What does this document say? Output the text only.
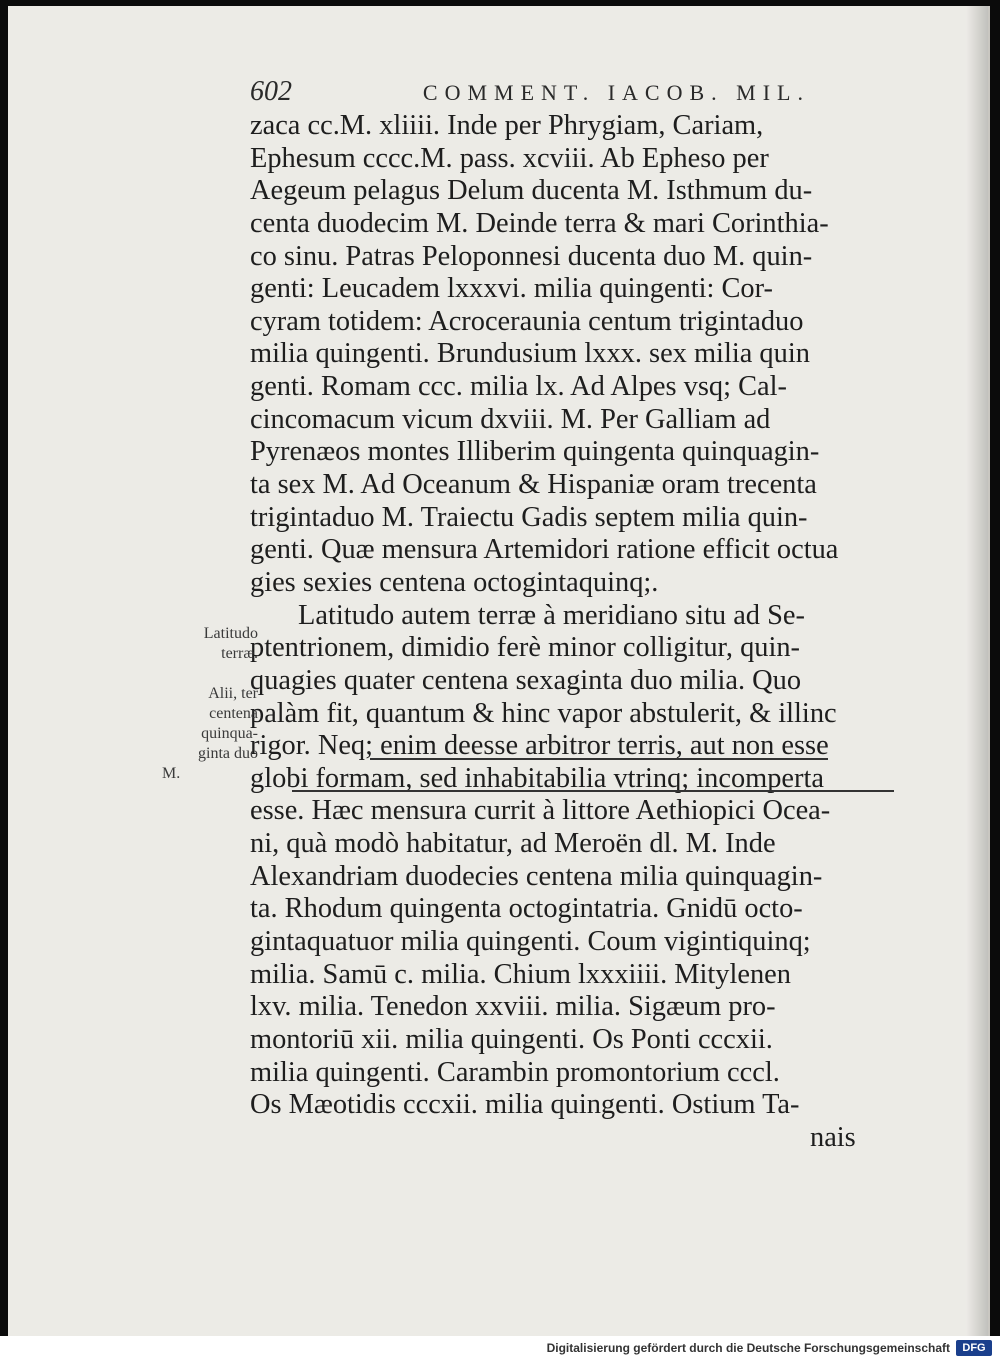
602	COMMENT. IACOB. MIL.
zaca cc.M. xliiii. Inde per Phrygiam, Cariam,
Ephesum cccc.M. pass. xcviii. Ab Epheso per
Aegeum pelagus Delum ducenta M. Isthmum du-
centa duodecim M. Deinde terra & mari Corinthia-
co sinu. Patras Peloponnesi ducenta duo M. quin-
genti: Leucadem lxxxvi. milia quingenti: Cor-
cyram totidem: Acroceraunia centum trigintaduo
milia quingenti. Brundusium lxxx. sex milia quin
genti. Romam ccc. milia lx. Ad Alpes vsq; Cal-
cincomacum vicum dxviii. M. Per Galliam ad
Pyrenæos montes Illiberim quingenta quinquagin-
ta sex M. Ad Oceanum & Hispaniæ oram trecenta
trigintaduo M. Traiectu Gadis septem milia quin-
genti. Quæ mensura Artemidori ratione efficit octua
gies sexies centena octogintaquinq;.
Latitudo autem terræ à meridiano situ ad Se-
ptentrionem, dimidio ferè minor colligitur, quin-
quagies quater centena sexaginta duo milia. Quo
palàm fit, quantum & hinc vapor abstulerit, & illinc
rigor. Neq; enim deesse arbitror terris, aut non esse
globi formam, sed inhabitabilia vtrinq; incomperta
esse. Hæc mensura currit à littore Aethiopici Ocea-
ni, quà modò habitatur, ad Meroën dl. M. Inde
Alexandriam duodecies centena milia quinquagin-
ta. Rhodum quingenta octogintatria. Gnidū octo-
gintaquatuor milia quingenti. Coum vigintiquinq;
milia. Samū c. milia. Chium lxxxiiii. Mitylenen
lxv. milia. Tenedon xxviii. milia. Sigæum pro-
montoriū xii. milia quingenti. Os Ponti cccxii.
milia quingenti. Carambin promontorium cccl.
Os Mæotidis cccxii. milia quingenti. Ostium Ta-
nais
Latitudo
terræ.
Alii, ter
centena
quinqua-
ginta duo
M.
Digitalisierung gefördert durch die Deutsche Forschungsgemeinschaft	DFG
